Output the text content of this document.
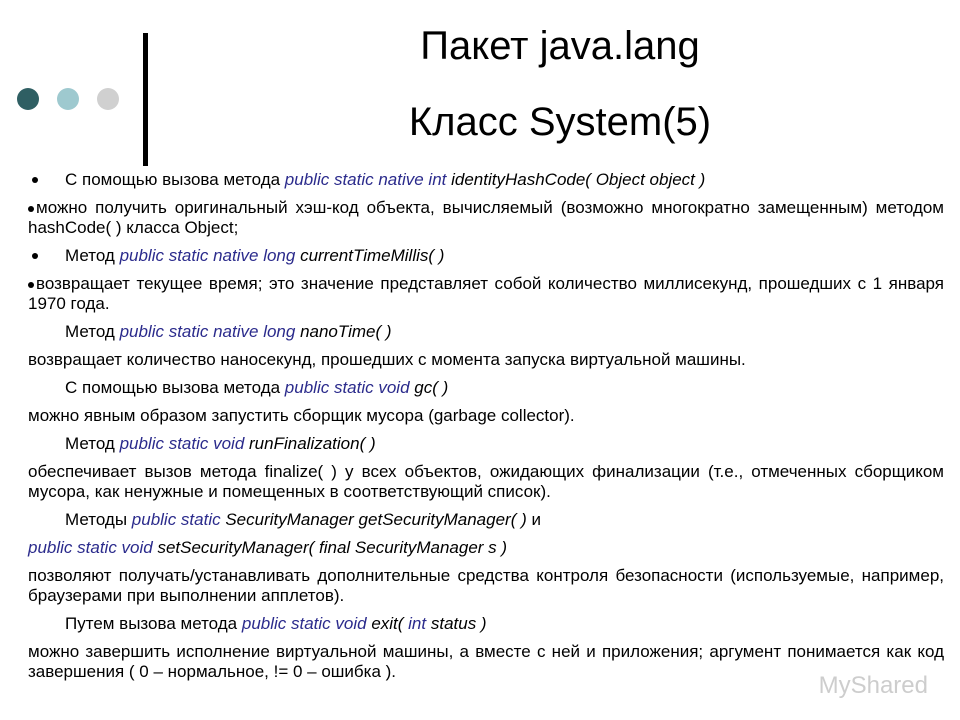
Пакет java.lang
Класс System(5)

С помощью вызова метода public static native int identityHashCode( Object object )

можно получить оригинальный хэш-код объекта, вычисляемый (возможно многократно замещенным) методом hashCode( ) класса Object;

Метод public static native long currentTimeMillis( )

возвращает текущее время; это значение представляет собой количество миллисекунд, прошедших с 1 января 1970 года.

Метод public static native long nanoTime( )

возвращает количество наносекунд, прошедших с момента запуска виртуальной машины.

С помощью вызова метода public static void gc( )

можно явным образом запустить сборщик мусора (garbage collector).

Метод public static void runFinalization( )

обеспечивает вызов метода finalize( ) у всех объектов, ожидающих финализации (т.е., отмеченных сборщиком мусора, как ненужные и помещенных в соответствующий список).

Методы public static SecurityManager getSecurityManager( ) и

public static void setSecurityManager( final SecurityManager s )

позволяют получать/устанавливать дополнительные средства контроля безопасности (используемые, например, браузерами при выполнении апплетов).

Путем вызова метода public static void exit( int status )

можно завершить исполнение виртуальной машины, а вместе с ней и приложения; аргумент понимается как код завершения ( 0 – нормальное, != 0 – ошибка ).

MyShared
